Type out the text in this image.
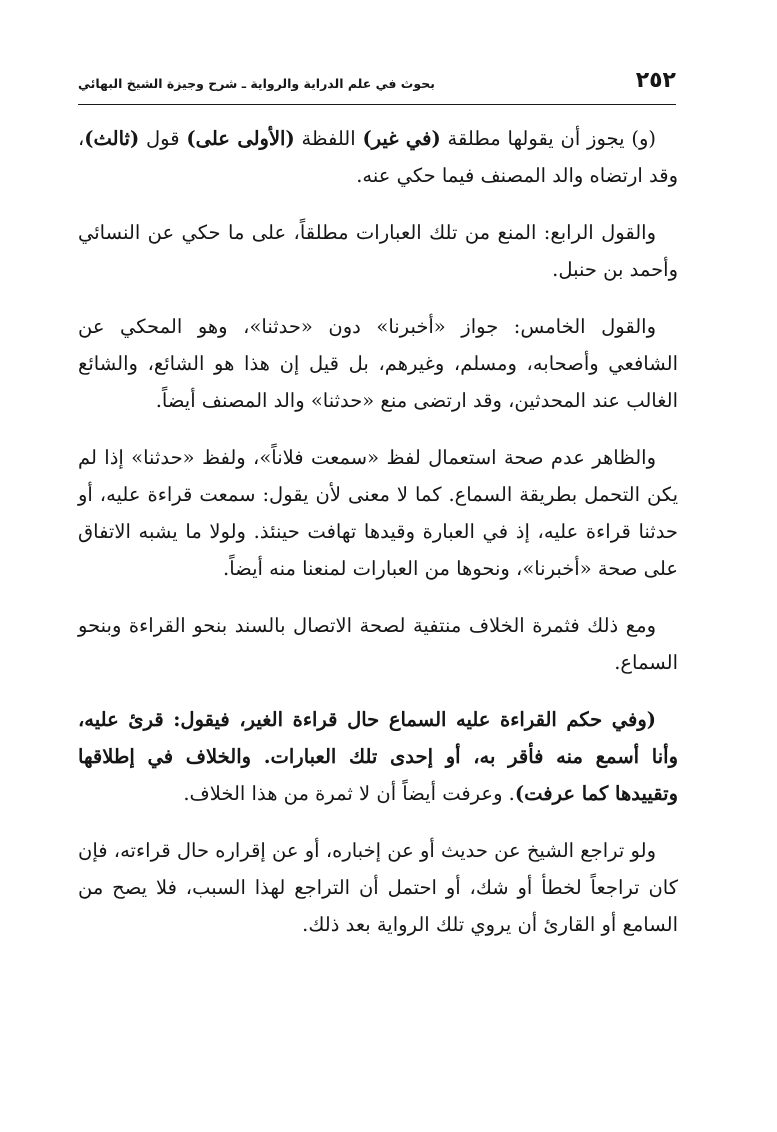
٢٥٢
بحوث في علم الدراية والرواية ـ شرح وجيزة الشيخ البهائي

(و) يجوز أن يقولها مطلقة (في غير) اللفظة (الأولى على) قول (ثالث)، وقد ارتضاه والد المصنف فيما حكي عنه.

والقول الرابع: المنع من تلك العبارات مطلقاً، على ما حكي عن النسائي وأحمد بن حنبل.

والقول الخامس: جواز «أخبرنا» دون «حدثنا»، وهو المحكي عن الشافعي وأصحابه، ومسلم، وغيرهم، بل قيل إن هذا هو الشائع، والشائع الغالب عند المحدثين، وقد ارتضى منع «حدثنا» والد المصنف أيضاً.

والظاهر عدم صحة استعمال لفظ «سمعت فلاناً»، ولفظ «حدثنا» إذا لم يكن التحمل بطريقة السماع. كما لا معنى لأن يقول: سمعت قراءة عليه، أو حدثنا قراءة عليه، إذ في العبارة وقيدها تهافت حينئذ. ولولا ما يشبه الاتفاق على صحة «أخبرنا»، ونحوها من العبارات لمنعنا منه أيضاً.

ومع ذلك فثمرة الخلاف منتفية لصحة الاتصال بالسند بنحو القراءة وبنحو السماع.

(وفي حكم القراءة عليه السماع حال قراءة الغير، فيقول: قرئ عليه، وأنا أسمع منه فأقر به، أو إحدى تلك العبارات. والخلاف في إطلاقها وتقييدها كما عرفت). وعرفت أيضاً أن لا ثمرة من هذا الخلاف.

ولو تراجع الشيخ عن حديث أو عن إخباره، أو عن إقراره حال قراءته، فإن كان تراجعاً لخطأ أو شك، أو احتمل أن التراجع لهذا السبب، فلا يصح من السامع أو القارئ أن يروي تلك الرواية بعد ذلك.
